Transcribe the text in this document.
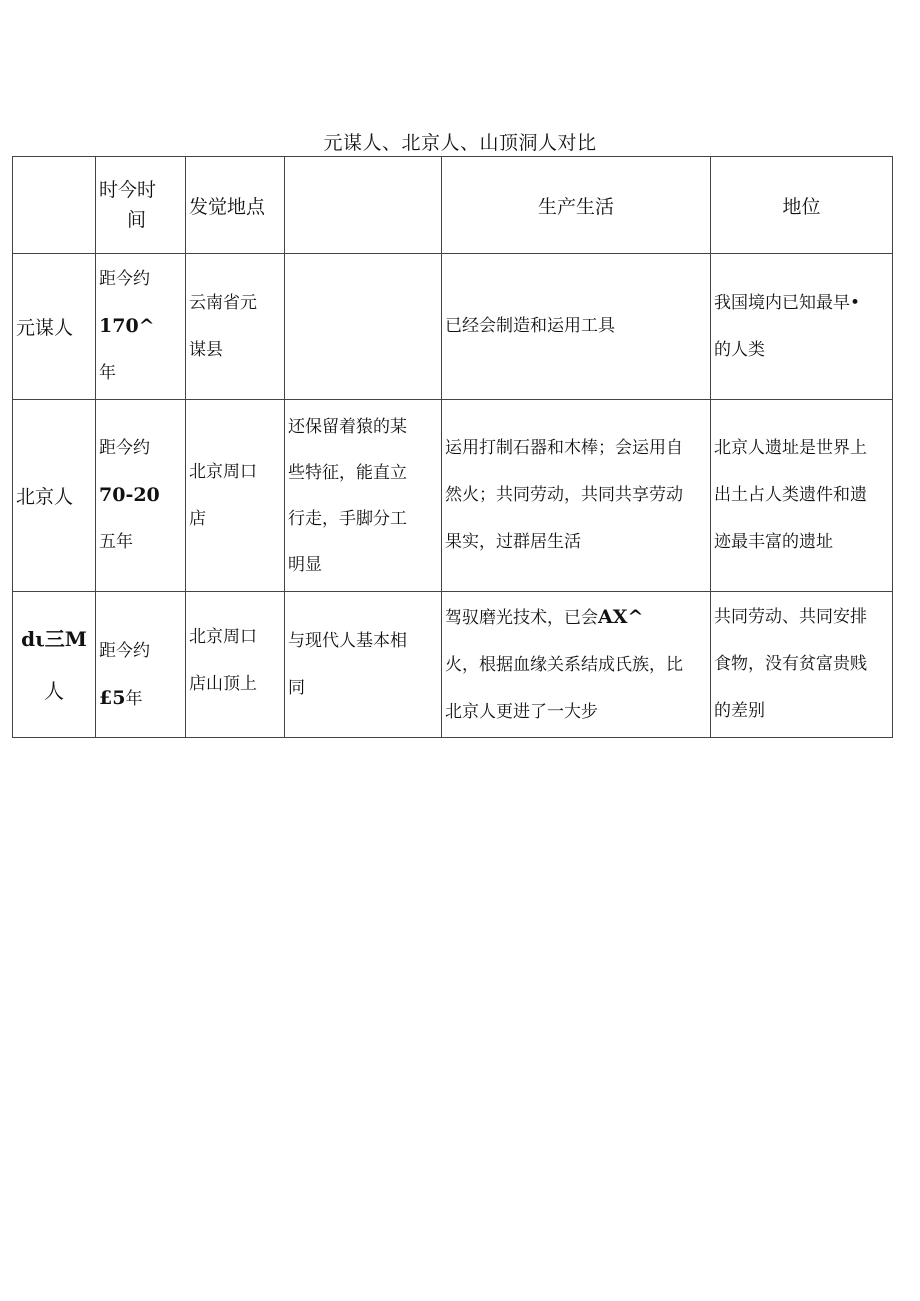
元谋人、北京人、山顶洞人对比

	时今时
间	发觉地点		生产生活	地位
元谋人	距今约
170^
年	云南省元
谋县		已经会制造和运用工具	我国境内已知最早•
的人类

北京人	距今约
70-20
五年	北京周口
店	还保留着猿的某
些特征，能直立
行走，手脚分工
明显	运用打制石器和木棒；会运用自
然火；共同劳动，共同共享劳动
果实，过群居生活	北京人遗址是世界上
出土占人类遗件和遗
迹最丰富的遗址

dι三M
人	距今约
£5年	北京周口
店山顶上	与现代人基本相
同	驾驭磨光技术，已会AX^
火，根据血缘关系结成氏族，比
北京人更进了一大步	共同劳动、共同安排
食物，没有贫富贵贱
的差别
